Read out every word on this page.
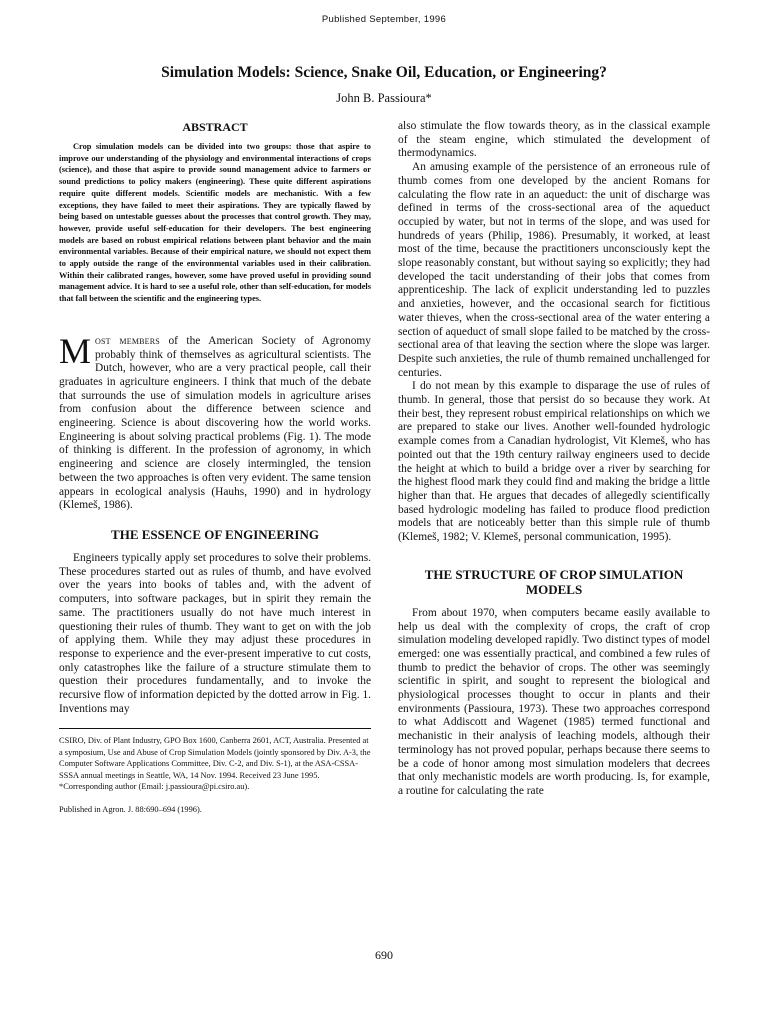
Published September, 1996
Simulation Models: Science, Snake Oil, Education, or Engineering?
John B. Passioura*
ABSTRACT

Crop simulation models can be divided into two groups: those that aspire to improve our understanding of the physiology and environmental interactions of crops (science), and those that aspire to provide sound management advice to farmers or sound predictions to policy makers (engineering). These quite different aspirations require quite different models. Scientific models are mechanistic. With a few exceptions, they have failed to meet their aspirations. They are typically flawed by being based on untestable guesses about the processes that control growth. They may, however, provide useful self-education for their developers. The best engineering models are based on robust empirical relations between plant behavior and the main environmental variables. Because of their empirical nature, we should not expect them to apply outside the range of the environmental variables used in their calibration. Within their calibrated ranges, however, some have proved useful in providing sound management advice. It is hard to see a useful role, other than self-education, for models that fall between the scientific and the engineering types.

Most members of the American Society of Agronomy probably think of themselves as agricultural scientists. The Dutch, however, who are a very practical people, call their graduates in agriculture engineers. I think that much of the debate that surrounds the use of simulation models in agriculture arises from confusion about the difference between science and engineering. Science is about discovering how the world works. Engineering is about solving practical problems (Fig. 1). The mode of thinking is different. In the profession of agronomy, in which engineering and science are closely intermingled, the tension between the two approaches is often very evident. The same tension appears in ecological analysis (Hauhs, 1990) and in hydrology (Klemeš, 1986).

THE ESSENCE OF ENGINEERING

Engineers typically apply set procedures to solve their problems. These procedures started out as rules of thumb, and have evolved over the years into books of tables and, with the advent of computers, into software packages, but in spirit they remain the same. The practitioners usually do not have much interest in questioning their rules of thumb. They want to get on with the job of applying them. While they may adjust these procedures in response to experience and the ever-present imperative to cut costs, only catastrophes like the failure of a structure stimulate them to question their procedures fundamentally, and to invoke the recursive flow of information depicted by the dotted arrow in Fig. 1. Inventions may

CSIRO, Div. of Plant Industry, GPO Box 1600, Canberra 2601, ACT, Australia. Presented at a symposium, Use and Abuse of Crop Simulation Models (jointly sponsored by Div. A-3, the Computer Software Applications Committee, Div. C-2, and Div. S-1), at the ASA-CSSA-SSSA annual meetings in Seattle, WA, 14 Nov. 1994. Received 23 June 1995. *Corresponding author (Email: j.passioura@pi.csiro.au).

Published in Agron. J. 88:690–694 (1996).

also stimulate the flow towards theory, as in the classical example of the steam engine, which stimulated the development of thermodynamics.

An amusing example of the persistence of an erroneous rule of thumb comes from one developed by the ancient Romans for calculating the flow rate in an aqueduct: the unit of discharge was defined in terms of the cross-sectional area of the aqueduct occupied by water, but not in terms of the slope, and was used for hundreds of years (Philip, 1986). Presumably, it worked, at least most of the time, because the practitioners unconsciously kept the slope reasonably constant, but without saying so explicitly; they had developed the tacit understanding of their jobs that comes from apprenticeship. The lack of explicit understanding led to puzzles and anxieties, however, and the occasional search for fictitious water thieves, when the cross-sectional area of the water entering a section of aqueduct of small slope failed to be matched by the cross-sectional area of that leaving the section where the slope was larger. Despite such anxieties, the rule of thumb remained unchallenged for centuries.

I do not mean by this example to disparage the use of rules of thumb. In general, those that persist do so because they work. At their best, they represent robust empirical relationships on which we are prepared to stake our lives. Another well-founded hydrologic example comes from a Canadian hydrologist, Vit Klemeš, who has pointed out that the 19th century railway engineers used to decide the height at which to build a bridge over a river by searching for the highest flood mark they could find and making the bridge a little higher than that. He argues that decades of allegedly scientifically based hydrologic modeling has failed to produce flood prediction models that are noticeably better than this simple rule of thumb (Klemeš, 1982; V. Klemeš, personal communication, 1995).

THE STRUCTURE OF CROP SIMULATION MODELS

From about 1970, when computers became easily available to help us deal with the complexity of crops, the craft of crop simulation modeling developed rapidly. Two distinct types of model emerged: one was essentially practical, and combined a few rules of thumb to predict the behavior of crops. The other was seemingly scientific in spirit, and sought to represent the biological and physiological processes thought to occur in plants and their environments (Passioura, 1973). These two approaches correspond to what Addiscott and Wagenet (1985) termed functional and mechanistic in their analysis of leaching models, although their terminology has not proved popular, perhaps because there seems to be a code of honor among most simulation modelers that decrees that only mechanistic models are worth producing. Is, for example, a routine for calculating the rate

690
